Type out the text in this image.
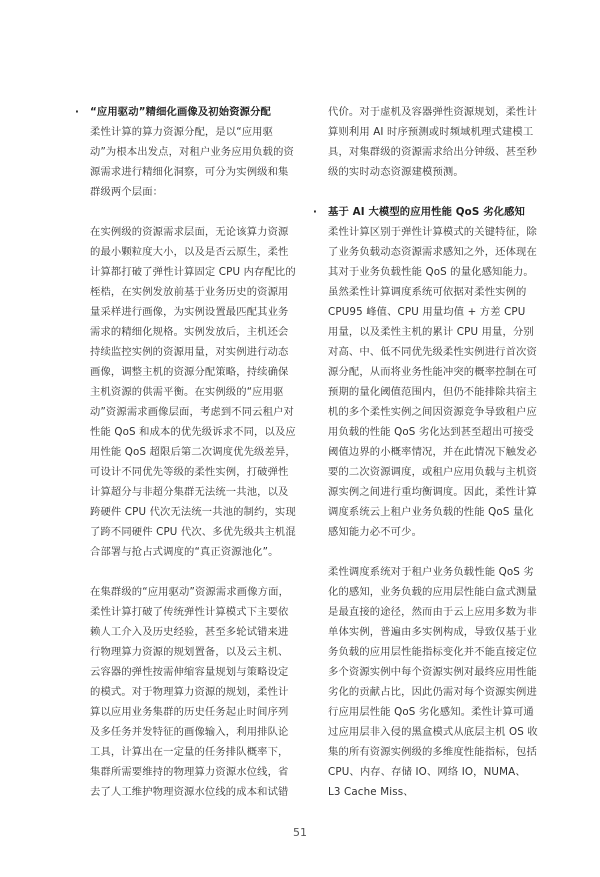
· “应用驱动”精细化画像及初始资源分配

柔性计算的算力资源分配，是以“应用驱动”为根本出发点，对租户业务应用负载的资源需求进行精细化洞察，可分为实例级和集群级两个层面：

在实例级的资源需求层面，无论该算力资源的最小颗粒度大小，以及是否云原生，柔性计算都打破了弹性计算固定 CPU 内存配比的桎梏，在实例发放前基于业务历史的资源用量采样进行画像，为实例设置最匹配其业务需求的精细化规格。实例发放后，主机还会持续监控实例的资源用量，对实例进行动态画像，调整主机的资源分配策略，持续确保主机资源的供需平衡。在实例级的“应用驱动”资源需求画像层面，考虑到不同云租户对性能 QoS 和成本的优先级诉求不同，以及应用性能 QoS 超限后第二次调度优先级差异，可设计不同优先等级的柔性实例，打破弹性计算超分与非超分集群无法统一共池，以及跨硬件 CPU 代次无法统一共池的制约，实现了跨不同硬件 CPU 代次、多优先级共主机混合部署与抢占式调度的“真正资源池化”。

在集群级的“应用驱动”资源需求画像方面，柔性计算打破了传统弹性计算模式下主要依赖人工介入及历史经验，甚至多轮试错来进行物理算力资源的规划置备，以及云主机、云容器的弹性按需伸缩容量规划与策略设定的模式。对于物理算力资源的规划，柔性计算以应用业务集群的历史任务起止时间序列及多任务并发特征的画像输入，利用排队论工具，计算出在一定量的任务排队概率下，集群所需要维持的物理算力资源水位线，省去了人工维护物理资源水位线的成本和试错

代价。对于虚机及容器弹性资源规划，柔性计算则利用 AI 时序预测或时频域机理式建模工具，对集群级的资源需求给出分钟级、甚至秒级的实时动态资源建模预测。

· 基于 AI 大模型的应用性能 QoS 劣化感知

柔性计算区别于弹性计算模式的关键特征，除了业务负载动态资源需求感知之外，还体现在其对于业务负载性能 QoS 的量化感知能力。虽然柔性计算调度系统可依据对柔性实例的 CPU95 峰值、CPU 用量均值 + 方差 CPU 用量，以及柔性主机的累计 CPU 用量，分别对高、中、低不同优先级柔性实例进行首次资源分配，从而将业务性能冲突的概率控制在可预期的量化阈值范围内，但仍不能排除共宿主机的多个柔性实例之间因资源竞争导致租户应用负载的性能 QoS 劣化达到甚至超出可接受阈值边界的小概率情况，并在此情况下触发必要的二次资源调度，或租户应用负载与主机资源实例之间进行重均衡调度。因此，柔性计算调度系统云上租户业务负载的性能 QoS 量化感知能力必不可少。

柔性调度系统对于租户业务负载性能 QoS 劣化的感知，业务负载的应用层性能白盒式测量是最直接的途径，然而由于云上应用多数为非单体实例，普遍由多实例构成，导致仅基于业务负载的应用层性能指标变化并不能直接定位多个资源实例中每个资源实例对最终应用性能劣化的贡献占比，因此仍需对每个资源实例进行应用层性能 QoS 劣化感知。柔性计算可通过应用层非入侵的黑盒模式从底层主机 OS 收集的所有资源实例级的多维度性能指标，包括 CPU、内存、存储 IO、网络 IO，NUMA、L3 Cache Miss、

51
